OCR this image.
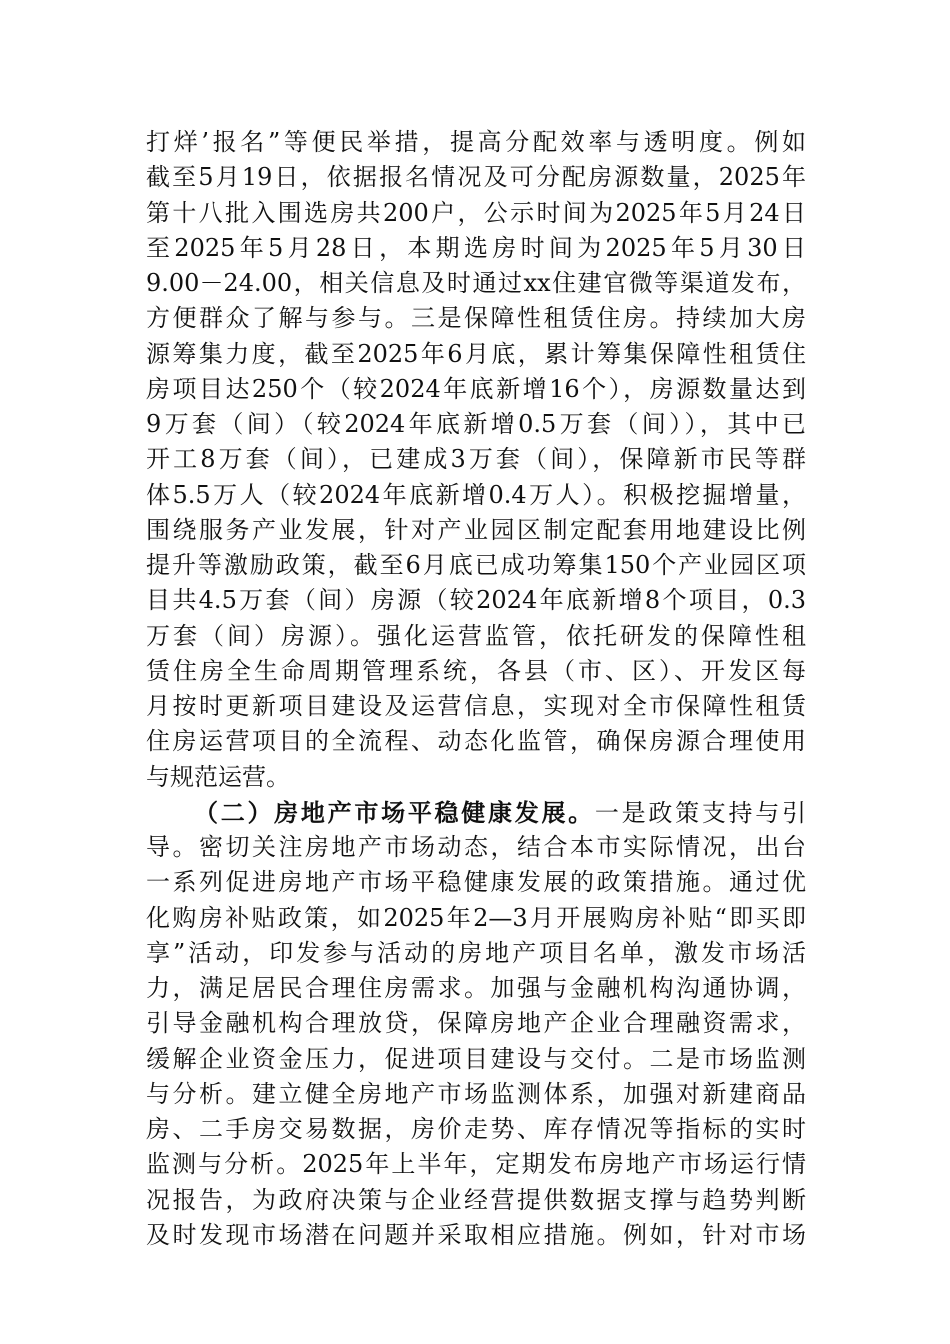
打烊’报名”等便民举措，提高分配效率与透明度。例如
截至5月19日，依据报名情况及可分配房源数量，2025年
第十八批入围选房共200户，公示时间为2025年5月24日
至2025年5月28日，本期选房时间为2025年5月30日
9.00－24.00，相关信息及时通过xx住建官微等渠道发布，
方便群众了解与参与。三是保障性租赁住房。持续加大房
源筹集力度，截至2025年6月底，累计筹集保障性租赁住
房项目达250个（较2024年底新增16个），房源数量达到
9万套（间）（较2024年底新增0.5万套（间）），其中已
开工8万套（间），已建成3万套（间），保障新市民等群
体5.5万人（较2024年底新增0.4万人）。积极挖掘增量，
围绕服务产业发展，针对产业园区制定配套用地建设比例
提升等激励政策，截至6月底已成功筹集150个产业园区项
目共4.5万套（间）房源（较2024年底新增8个项目，0.3
万套（间）房源）。强化运营监管，依托研发的保障性租
赁住房全生命周期管理系统，各县（市、区）、开发区每
月按时更新项目建设及运营信息，实现对全市保障性租赁
住房运营项目的全流程、动态化监管，确保房源合理使用
与规范运营。
（二）房地产市场平稳健康发展。一是政策支持与引
导。密切关注房地产市场动态，结合本市实际情况，出台
一系列促进房地产市场平稳健康发展的政策措施。通过优
化购房补贴政策，如2025年2—3月开展购房补贴“即买即
享”活动，印发参与活动的房地产项目名单，激发市场活
力，满足居民合理住房需求。加强与金融机构沟通协调，
引导金融机构合理放贷，保障房地产企业合理融资需求，
缓解企业资金压力，促进项目建设与交付。二是市场监测
与分析。建立健全房地产市场监测体系，加强对新建商品
房、二手房交易数据，房价走势、库存情况等指标的实时
监测与分析。2025年上半年，定期发布房地产市场运行情
况报告，为政府决策与企业经营提供数据支撑与趋势判断
及时发现市场潜在问题并采取相应措施。例如，针对市场
